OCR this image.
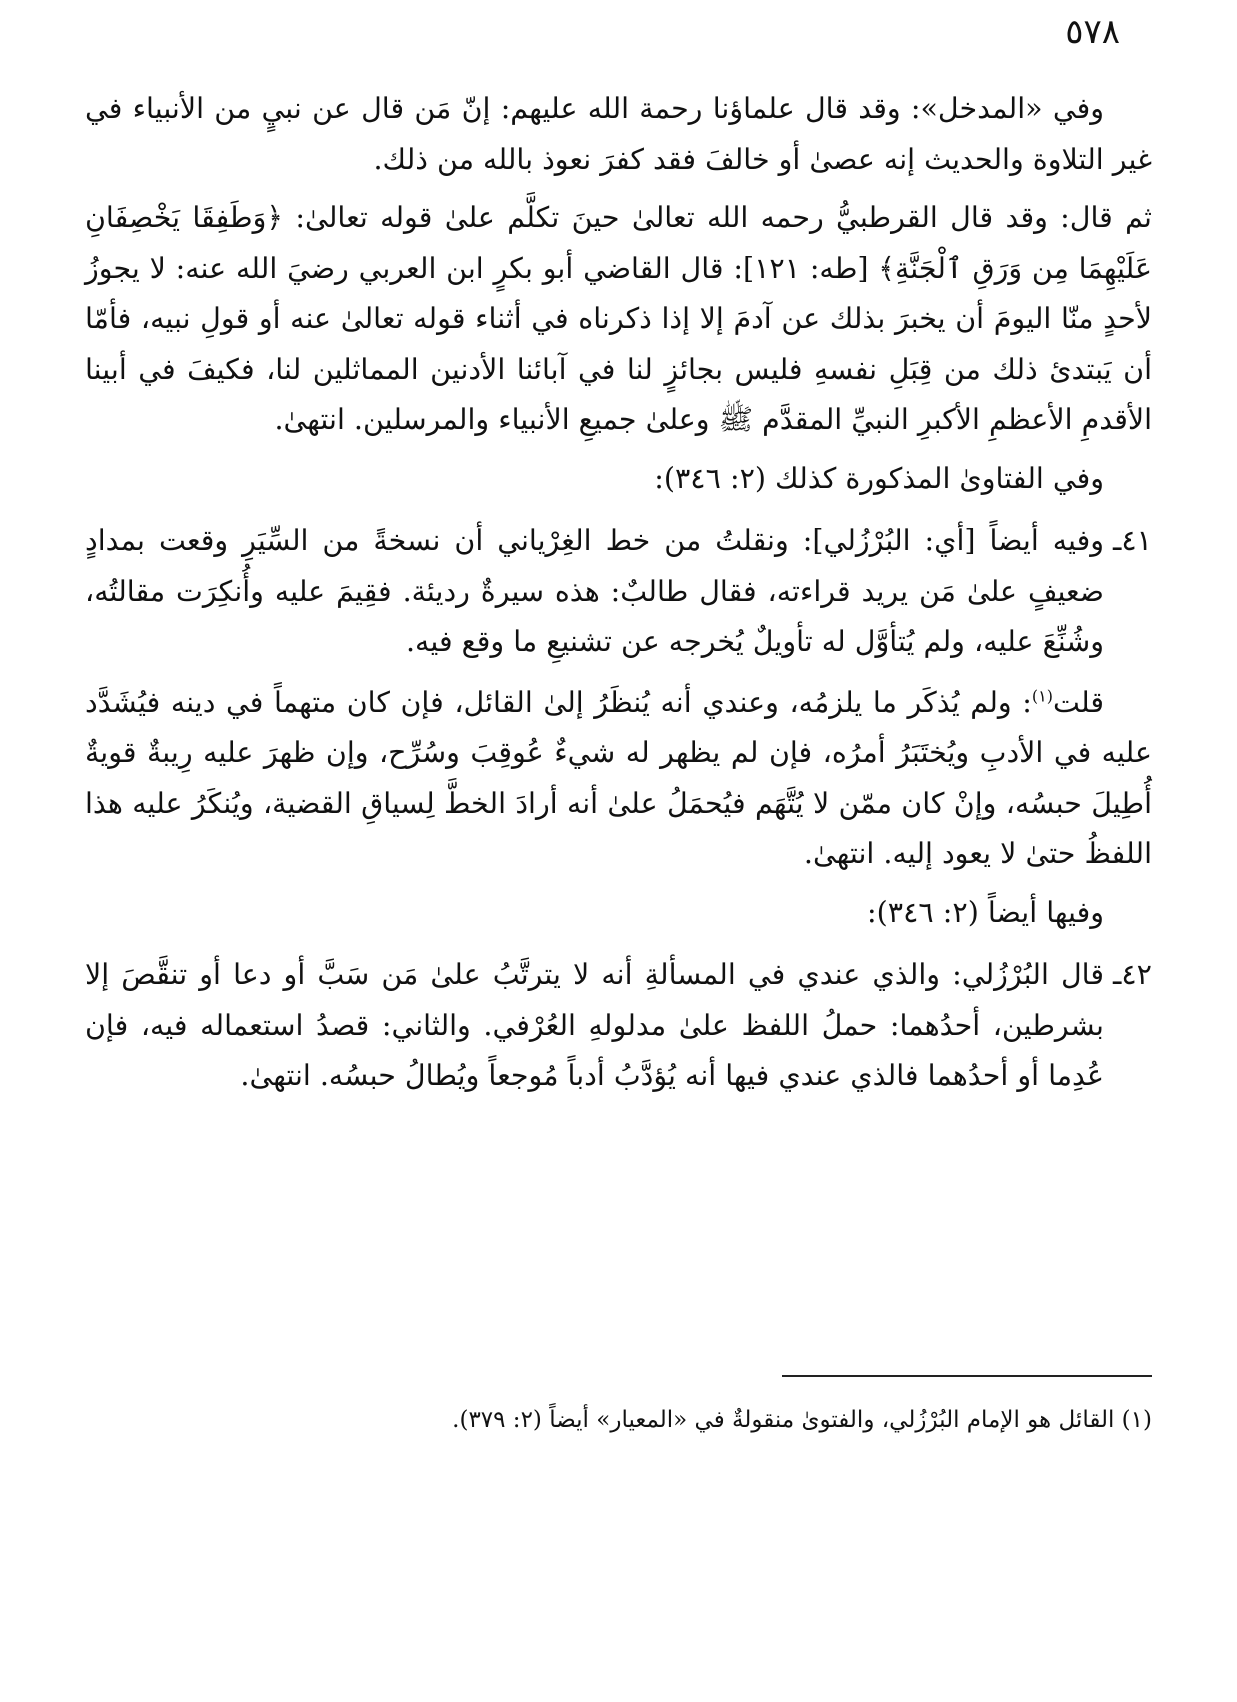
٥٧٨

وفي «المدخل»: وقد قال علماؤنا رحمة الله عليهم: إنّ مَن قال عن نبيٍ من الأنبياء في غير التلاوة والحديث إنه عصىٰ أو خالفَ فقد كفرَ نعوذ بالله من ذلك.

ثم قال: وقد قال القرطبيُّ رحمه الله تعالىٰ حينَ تكلَّم علىٰ قوله تعالىٰ: ﴿وَطَفِقَا يَخْصِفَانِ عَلَيْهِمَا مِن وَرَقِ ٱلْجَنَّةِ﴾ [طه: ١٢١]: قال القاضي أبو بكرٍ ابن العربي رضيَ الله عنه: لا يجوزُ لأحدٍ منّا اليومَ أن يخبرَ بذلك عن آدمَ إلا إذا ذكرناه في أثناء قوله تعالىٰ عنه أو قولِ نبيه، فأمّا أن يَبتدئ ذلك من قِبَلِ نفسهِ فليس بجائزٍ لنا في آبائنا الأدنين المماثلين لنا، فكيفَ في أبينا الأقدمِ الأعظمِ الأكبرِ النبيِّ المقدَّم ﷺ وعلىٰ جميعِ الأنبياء والمرسلين. انتهىٰ.

وفي الفتاوىٰ المذكورة كذلك (٢: ٣٤٦):

٤١ـ
وفيه أيضاً [أي: البُرْزُلي]: ونقلتُ من خط الغِرْياني أن نسخةً من السِّيَرِ وقعت بمدادٍ ضعيفٍ علىٰ مَن يريد قراءته، فقال طالبٌ: هذه سيرةٌ رديئة. فقِيمَ عليه وأُنكِرَت مقالتُه، وشُنِّعَ عليه، ولم يُتأوَّل له تأويلٌ يُخرجه عن تشنيعِ ما وقع فيه.

قلت$^{(١)}$: ولم يُذكَر ما يلزمُه، وعندي أنه يُنظَرُ إلىٰ القائل، فإن كان متهماً في دينه فيُشَدَّد عليه في الأدبِ ويُختَبَرُ أمرُه، فإن لم يظهر له شيءٌ عُوقِبَ وسُرِّح، وإن ظهرَ عليه رِيبةٌ قويةٌ أُطِيلَ حبسُه، وإنْ كان ممّن لا يُتَّهَم فيُحمَلُ علىٰ أنه أرادَ الخطَّ لِسياقِ القضية، ويُنكَرُ عليه هذا اللفظُ حتىٰ لا يعود إليه. انتهىٰ.

وفيها أيضاً (٢: ٣٤٦):

٤٢ـ
قال البُرْزُلي: والذي عندي في المسألةِ أنه لا يترتَّبُ علىٰ مَن سَبَّ أو دعا أو تنقَّصَ إلا بشرطين، أحدُهما: حملُ اللفظ علىٰ مدلولهِ العُرْفي. والثاني: قصدُ استعماله فيه، فإن عُدِما أو أحدُهما فالذي عندي فيها أنه يُؤدَّبُ أدباً مُوجعاً ويُطالُ حبسُه. انتهىٰ.
(١) القائل هو الإمام البُرْزُلي، والفتوىٰ منقولةٌ في «المعيار» أيضاً (٢: ٣٧٩).
